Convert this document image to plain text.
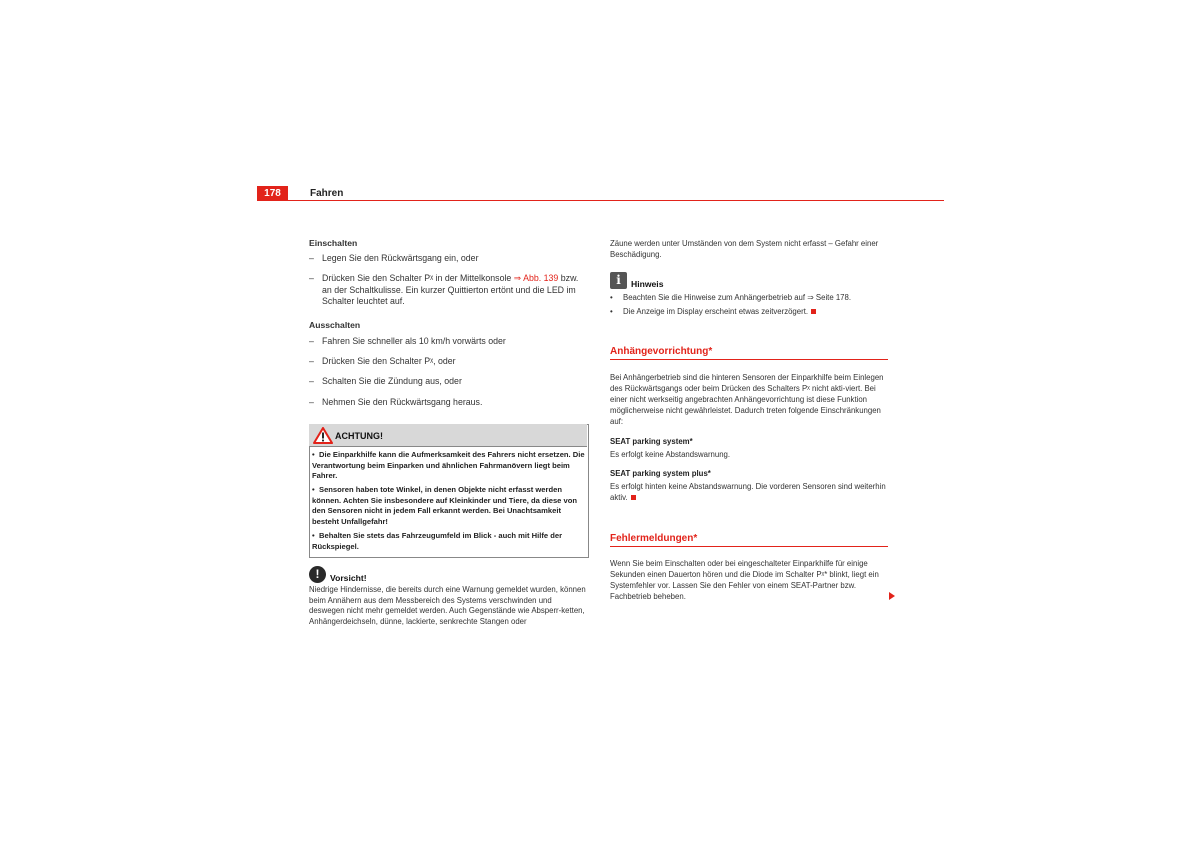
178	Fahren
Einschalten
– Legen Sie den Rückwärtsgang ein, oder
– Drücken Sie den Schalter Pᵡ in der Mittelkonsole ⇒ Abb. 139 bzw. an der Schaltkulisse. Ein kurzer Quittierton ertönt und die LED im Schalter leuchtet auf.
Ausschalten
– Fahren Sie schneller als 10 km/h vorwärts oder
– Drücken Sie den Schalter Pᵡ, oder
– Schalten Sie die Zündung aus, oder
– Nehmen Sie den Rückwärtsgang heraus.
ACHTUNG!
• Die Einparkhilfe kann die Aufmerksamkeit des Fahrers nicht ersetzen. Die Verantwortung beim Einparken und ähnlichen Fahrmanövern liegt beim Fahrer.
• Sensoren haben tote Winkel, in denen Objekte nicht erfasst werden können. Achten Sie insbesondere auf Kleinkinder und Tiere, da diese von den Sensoren nicht in jedem Fall erkannt werden. Bei Unachtsamkeit besteht Unfallgefahr!
• Behalten Sie stets das Fahrzeugumfeld im Blick - auch mit Hilfe der Rückspiegel.
!	Vorsicht!
Niedrige Hindernisse, die bereits durch eine Warnung gemeldet wurden, können beim Annähern aus dem Messbereich des Systems verschwinden und deswegen nicht mehr gemeldet werden. Auch Gegenstände wie Absperr-ketten, Anhängerdeichseln, dünne, lackierte, senkrechte Stangen oder
Zäune werden unter Umständen von dem System nicht erfasst – Gefahr einer Beschädigung.
i	Hinweis
• Beachten Sie die Hinweise zum Anhängerbetrieb auf ⇒ Seite 178.
• Die Anzeige im Display erscheint etwas zeitverzögert.
Anhängevorrichtung*
Bei Anhängerbetrieb sind die hinteren Sensoren der Einparkhilfe beim Einlegen des Rückwärtsgangs oder beim Drücken des Schalters Pᵡ nicht akti-viert. Bei einer nicht werkseitig angebrachten Anhängevorrichtung ist diese Funktion möglicherweise nicht gewährleistet. Dadurch treten folgende Einschränkungen auf:
SEAT parking system*
Es erfolgt keine Abstandswarnung.
SEAT parking system plus*
Es erfolgt hinten keine Abstandswarnung. Die vorderen Sensoren sind weiterhin aktiv.
Fehlermeldungen*
Wenn Sie beim Einschalten oder bei eingeschalteter Einparkhilfe für einige Sekunden einen Dauerton hören und die Diode im Schalter Pᵡ* blinkt, liegt ein Systemfehler vor. Lassen Sie den Fehler von einem SEAT-Partner bzw. Fachbetrieb beheben.
